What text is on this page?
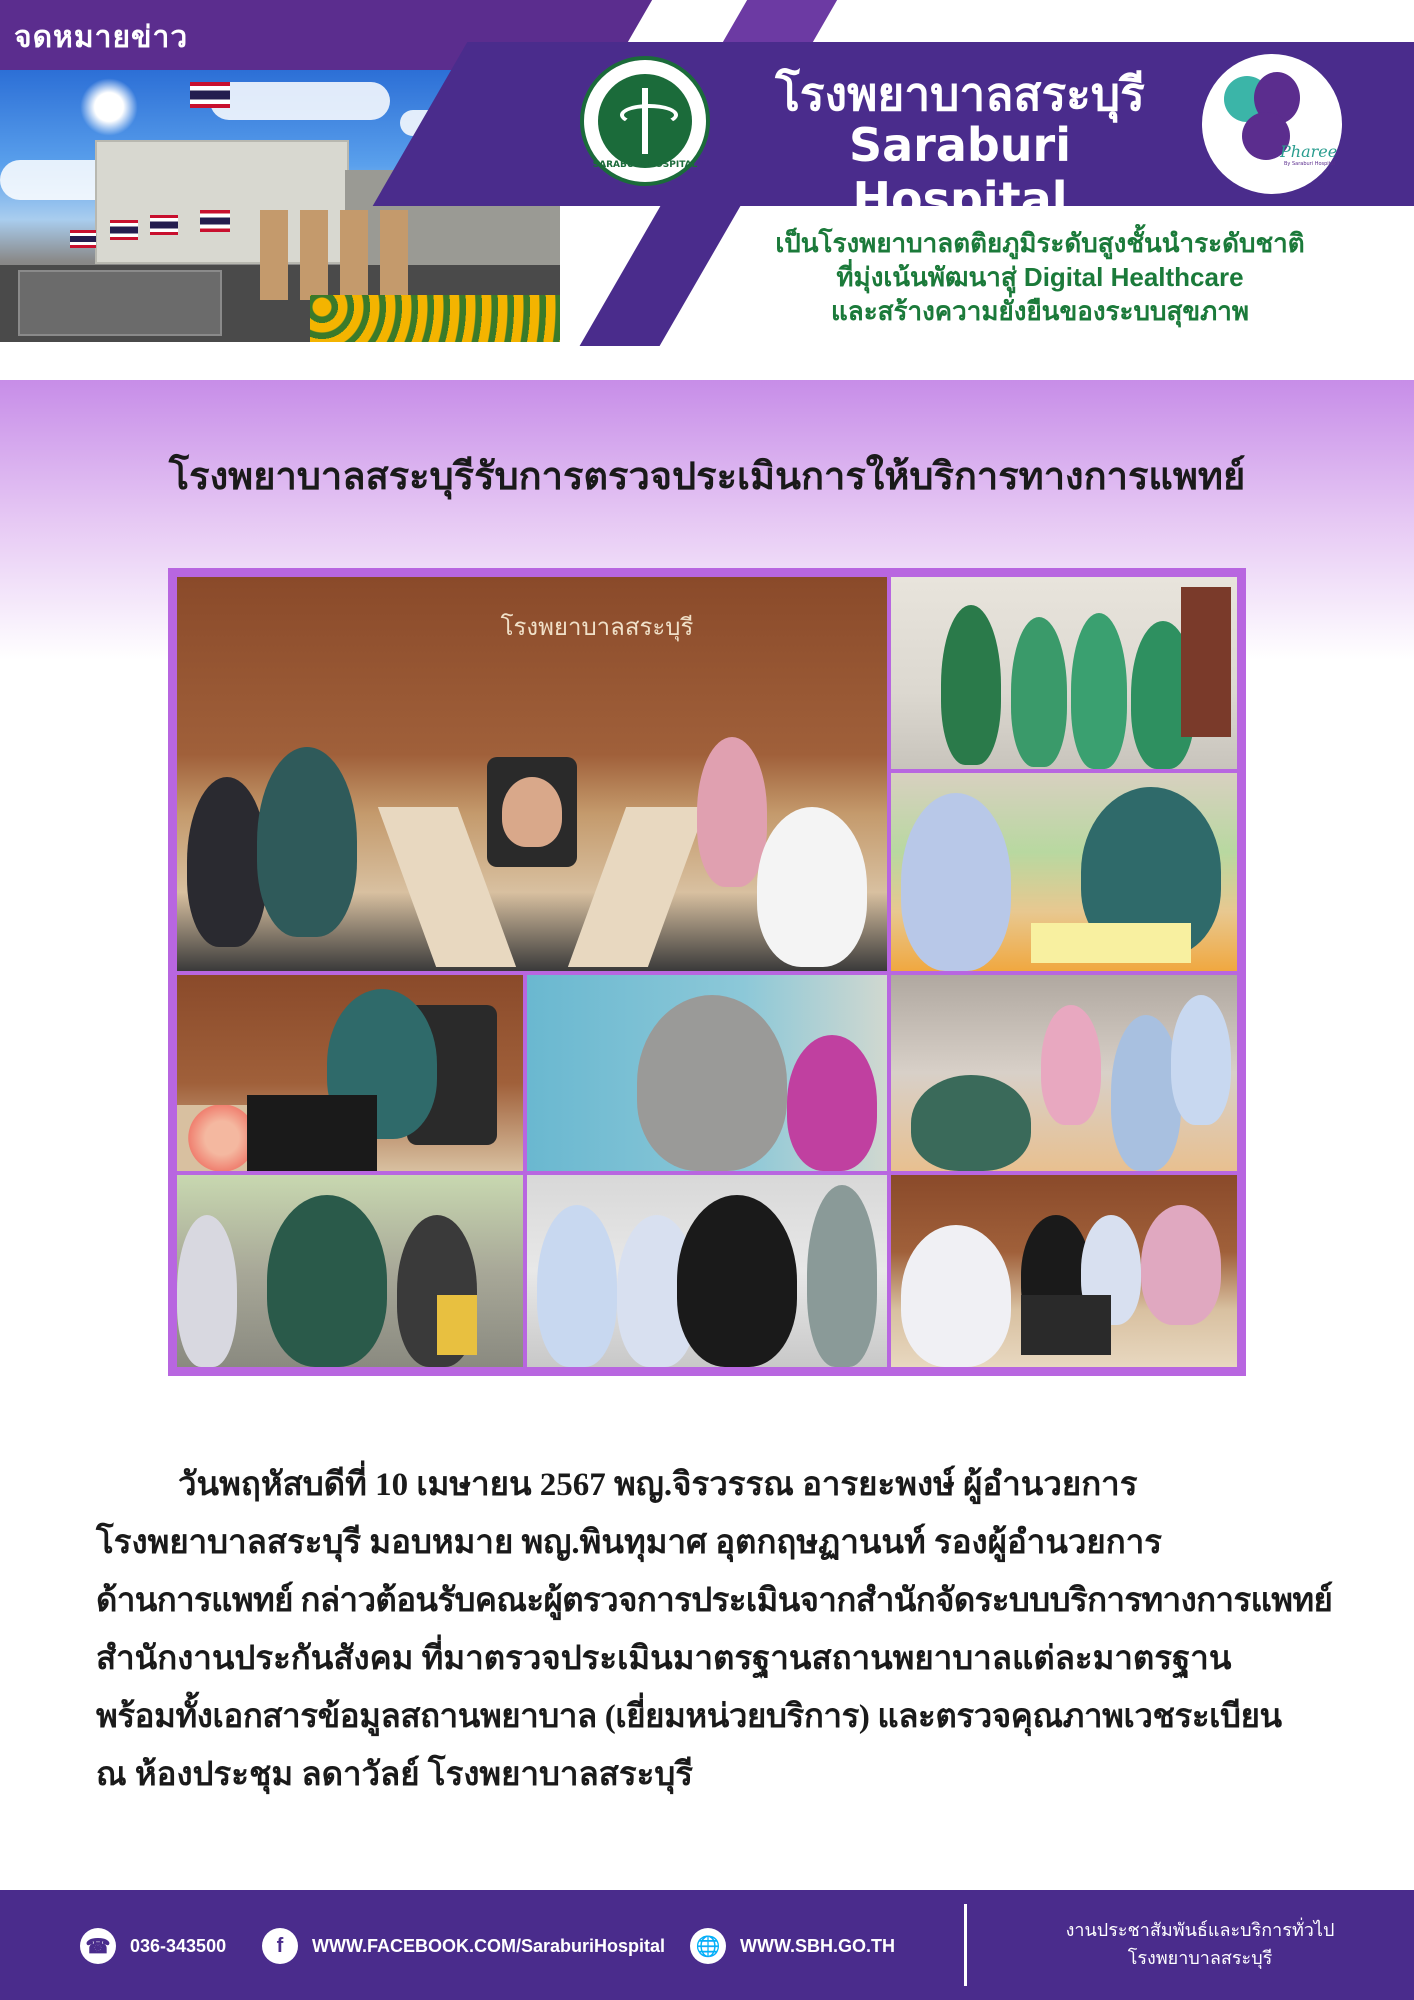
จดหมายข่าว
SARABURI HOSPITAL
โรงพยาบาลสระบุรี
Saraburi Hospital
Pharee
By Saraburi Hospital
เป็นโรงพยาบาลตติยภูมิระดับสูงชั้นนำระดับชาติ
ที่มุ่งเน้นพัฒนาสู่ Digital Healthcare
และสร้างความยั่งยืนของระบบสุขภาพ
โรงพยาบาลสระบุรีรับการตรวจประเมินการให้บริการทางการแพทย์
โรงพยาบาลสระบุรี
วันพฤหัสบดีที่ 10 เมษายน 2567 พญ.จิรวรรณ อารยะพงษ์ ผู้อำนวยการ
โรงพยาบาลสระบุรี มอบหมาย พญ.พินทุมาศ อุตกฤษฏานนท์ รองผู้อำนวยการ
ด้านการแพทย์ กล่าวต้อนรับคณะผู้ตรวจการประเมินจากสำนักจัดระบบบริการทางการแพทย์
สำนักงานประกันสังคม ที่มาตรวจประเมินมาตรฐานสถานพยาบาลแต่ละมาตรฐาน
พร้อมทั้งเอกสารข้อมูลสถานพยาบาล (เยี่ยมหน่วยบริการ) และตรวจคุณภาพเวชระเบียน
ณ ห้องประชุม ลดาวัลย์ โรงพยาบาลสระบุรี
☎	036-343500	f	WWW.FACEBOOK.COM/SaraburiHospital 🌐	WWW.SBH.GO.TH
งานประชาสัมพันธ์และบริการทั่วไป
โรงพยาบาลสระบุรี
